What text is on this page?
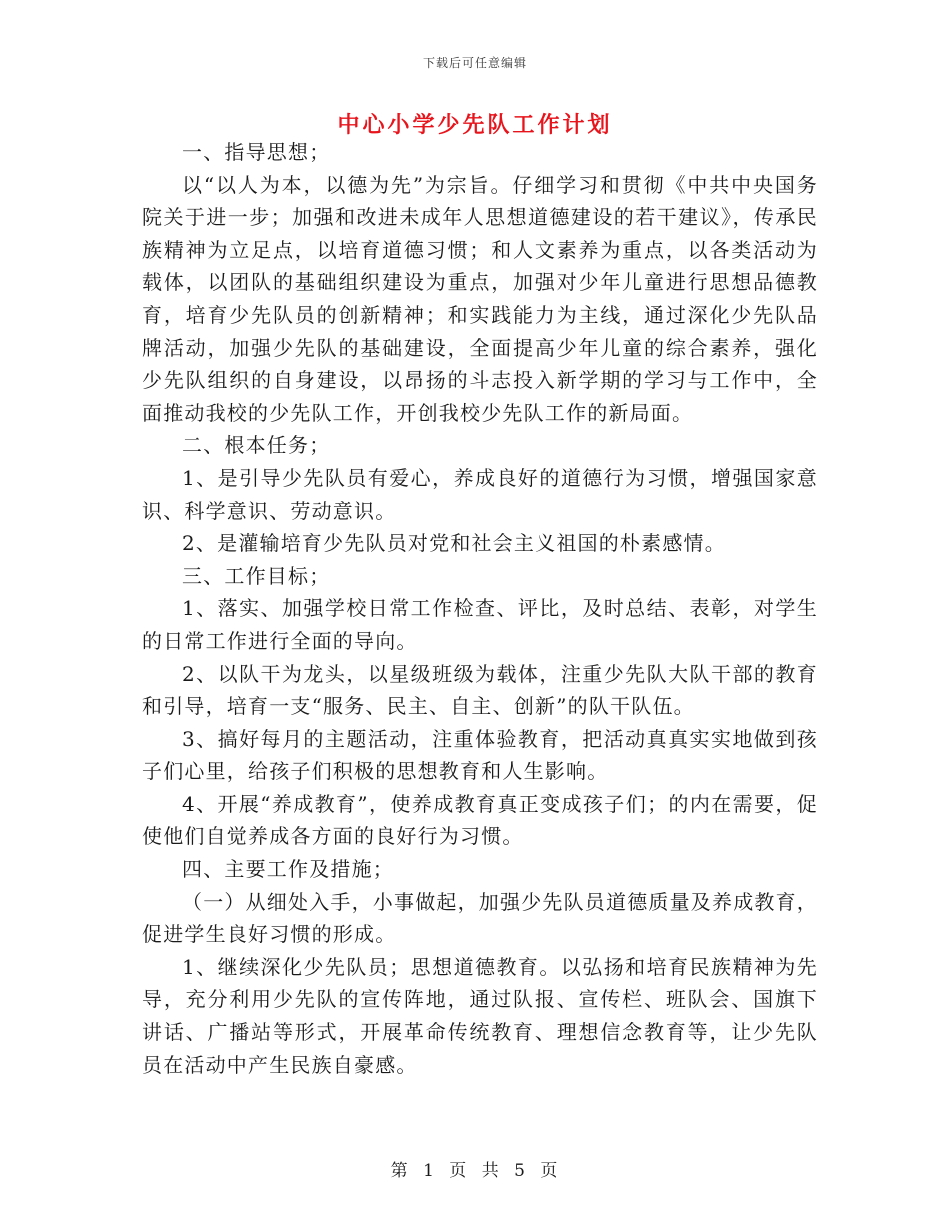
下载后可任意编辑
中心小学少先队工作计划

一、指导思想；

以“以人为本，以德为先”为宗旨。仔细学习和贯彻《中共中央国务院关于进一步；加强和改进未成年人思想道德建设的若干建议》，传承民族精神为立足点，以培育道德习惯；和人文素养为重点，以各类活动为载体，以团队的基础组织建设为重点，加强对少年儿童进行思想品德教育，培育少先队员的创新精神；和实践能力为主线，通过深化少先队品牌活动，加强少先队的基础建设，全面提高少年儿童的综合素养，强化少先队组织的自身建设，以昂扬的斗志投入新学期的学习与工作中，全面推动我校的少先队工作，开创我校少先队工作的新局面。

二、根本任务；

1、是引导少先队员有爱心，养成良好的道德行为习惯，增强国家意识、科学意识、劳动意识。

2、是灌输培育少先队员对党和社会主义祖国的朴素感情。

三、工作目标；

1、落实、加强学校日常工作检查、评比，及时总结、表彰，对学生的日常工作进行全面的导向。

2、以队干为龙头，以星级班级为载体，注重少先队大队干部的教育和引导，培育一支“服务、民主、自主、创新”的队干队伍。

3、搞好每月的主题活动，注重体验教育，把活动真真实实地做到孩子们心里，给孩子们积极的思想教育和人生影响。

4、开展“养成教育”，使养成教育真正变成孩子们；的内在需要，促使他们自觉养成各方面的良好行为习惯。

四、主要工作及措施；

（一）从细处入手，小事做起，加强少先队员道德质量及养成教育，促进学生良好习惯的形成。

1、继续深化少先队员；思想道德教育。以弘扬和培育民族精神为先导，充分利用少先队的宣传阵地，通过队报、宣传栏、班队会、国旗下讲话、广播站等形式，开展革命传统教育、理想信念教育等，让少先队员在活动中产生民族自豪感。

第 1 页 共 5 页
